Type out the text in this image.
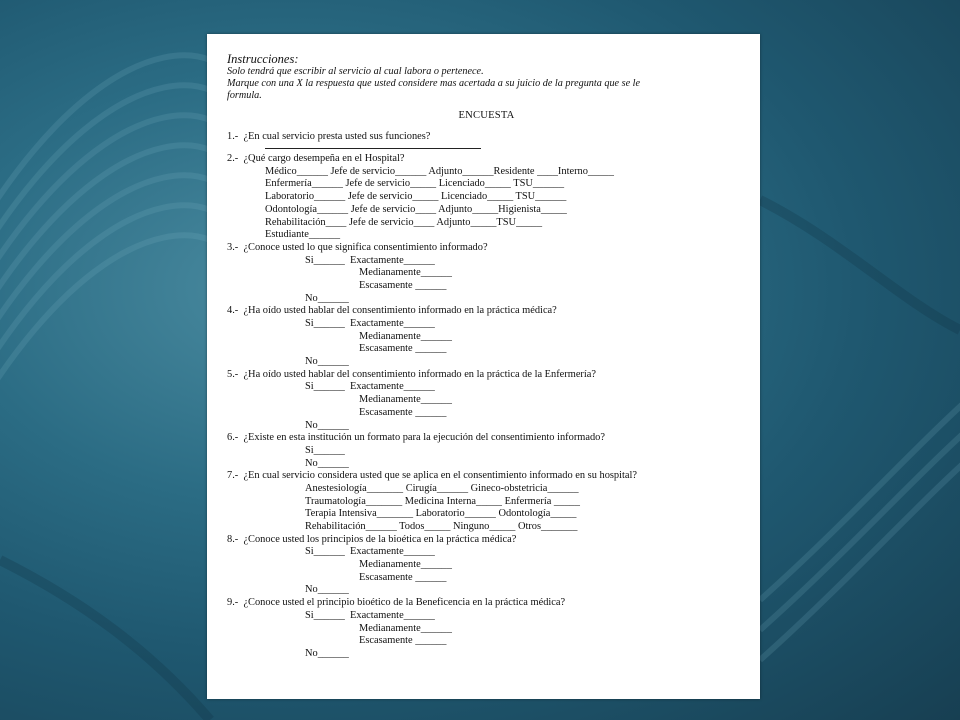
Instrucciones:
Solo tendrá que escribir al servicio al cual labora o pertenece.
Marque con una X la respuesta que usted considere mas acertada a su juicio de la pregunta que se le
formula.
ENCUESTA
1.-  ¿En cual servicio presta usted sus funciones?
2.-  ¿Qué cargo desempeña en el Hospital?
Médico______ Jefe de servicio______ Adjunto______Residente ____Interno_____
Enfermería______ Jefe de servicio_____ Licenciado_____ TSU______
Laboratorio______ Jefe de servicio_____ Licenciado_____ TSU______
Odontología______ Jefe de servicio____ Adjunto_____Higienista_____
Rehabilitación____ Jefe de servicio____ Adjunto_____TSU_____
Estudiante______
3.-  ¿Conoce usted lo que significa consentimiento informado?
Si______  Exactamente______
Medianamente______
Escasamente ______
No______
4.-  ¿Ha oído usted hablar del consentimiento informado en la práctica médica?
Si______  Exactamente______
Medianamente______
Escasamente ______
No______
5.-  ¿Ha oído usted hablar del consentimiento informado en la práctica de la Enfermería?
Si______  Exactamente______
Medianamente______
Escasamente ______
No______
6.-  ¿Existe en esta institución un formato para la ejecución del consentimiento informado?
Si______
No______
7.-  ¿En cual servicio considera usted que se aplica en el consentimiento informado en su hospital?
Anestesiología_______ Cirugía______ Gineco-obstetricia______
Traumatología_______ Medicina Interna_____ Enfermería _____
Terapia Intensiva_______ Laboratorio______ Odontología_____
Rehabilitación______ Todos_____ Ninguno_____ Otros_______
8.-  ¿Conoce usted los principios de la bioética en la práctica médica?
Si______  Exactamente______
Medianamente______
Escasamente ______
No______
9.-  ¿Conoce usted el principio bioético de la Beneficencia en la práctica médica?
Si______  Exactamente______
Medianamente______
Escasamente ______
No______
